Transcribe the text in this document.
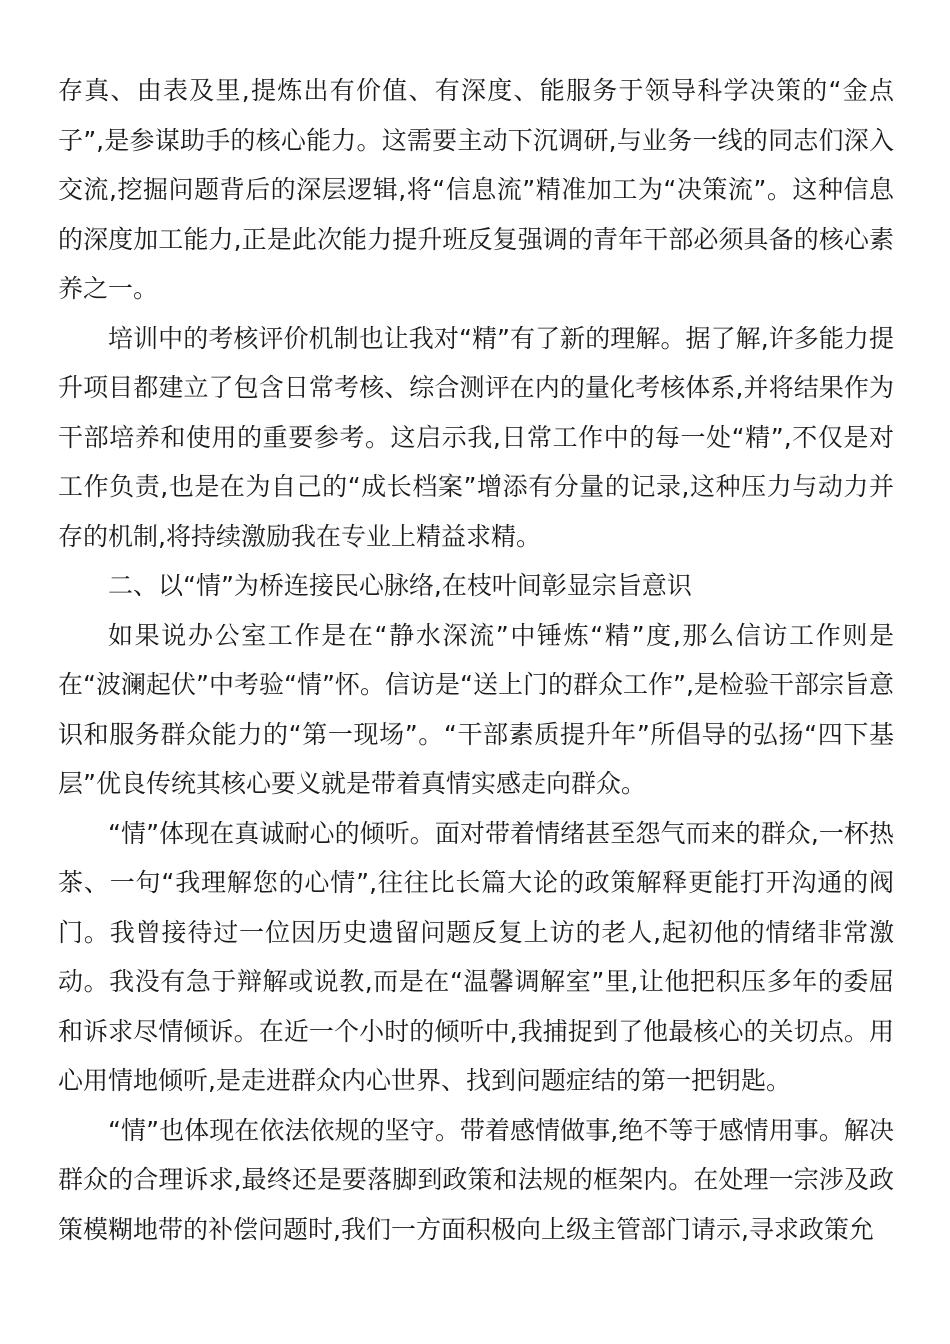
存真、由表及里,提炼出有价值、有深度、能服务于领导科学决策的“金点子”,是参谋助手的核心能力。这需要主动下沉调研,与业务一线的同志们深入交流,挖掘问题背后的深层逻辑,将“信息流”精准加工为“决策流”。这种信息的深度加工能力,正是此次能力提升班反复强调的青年干部必须具备的核心素养之一。

培训中的考核评价机制也让我对“精”有了新的理解。据了解,许多能力提升项目都建立了包含日常考核、综合测评在内的量化考核体系,并将结果作为干部培养和使用的重要参考。这启示我,日常工作中的每一处“精”,不仅是对工作负责,也是在为自己的“成长档案”增添有分量的记录,这种压力与动力并存的机制,将持续激励我在专业上精益求精。

二、以“情”为桥连接民心脉络,在枝叶间彰显宗旨意识

如果说办公室工作是在“静水深流”中锤炼“精”度,那么信访工作则是在“波澜起伏”中考验“情”怀。信访是“送上门的群众工作”,是检验干部宗旨意识和服务群众能力的“第一现场”。“干部素质提升年”所倡导的弘扬“四下基层”优良传统其核心要义就是带着真情实感走向群众。

“情”体现在真诚耐心的倾听。面对带着情绪甚至怨气而来的群众,一杯热茶、一句“我理解您的心情”,往往比长篇大论的政策解释更能打开沟通的阀门。我曾接待过一位因历史遗留问题反复上访的老人,起初他的情绪非常激动。我没有急于辩解或说教,而是在“温馨调解室”里,让他把积压多年的委屈和诉求尽情倾诉。在近一个小时的倾听中,我捕捉到了他最核心的关切点。用心用情地倾听,是走进群众内心世界、找到问题症结的第一把钥匙。

“情”也体现在依法依规的坚守。带着感情做事,绝不等于感情用事。解决群众的合理诉求,最终还是要落脚到政策和法规的框架内。在处理一宗涉及政策模糊地带的补偿问题时,我们一方面积极向上级主管部门请示,寻求政策允
